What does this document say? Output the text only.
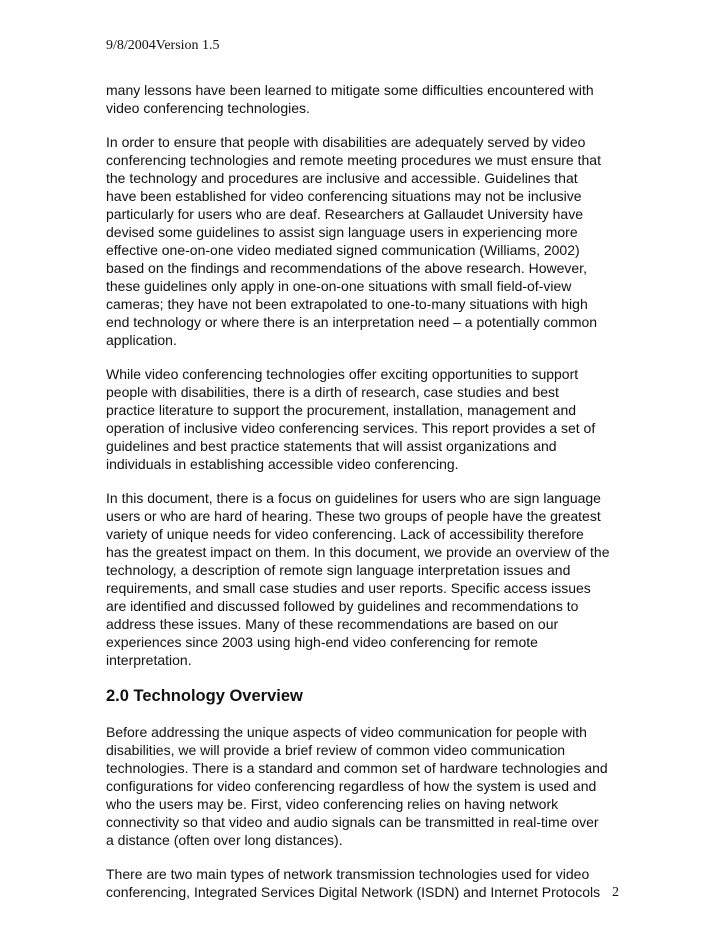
9/8/2004Version 1.5

many lessons have been learned to mitigate some difficulties encountered with
video conferencing technologies.

In order to ensure that people with disabilities are adequately served by video
conferencing technologies and remote meeting procedures we must ensure that
the technology and procedures are inclusive and accessible. Guidelines that
have been established for video conferencing situations may not be inclusive
particularly for users who are deaf. Researchers at Gallaudet University have
devised some guidelines to assist sign language users in experiencing more
effective one-on-one video mediated signed communication (Williams, 2002)
based on the findings and recommendations of the above research. However,
these guidelines only apply in one-on-one situations with small field-of-view
cameras; they have not been extrapolated to one-to-many situations with high
end technology or where there is an interpretation need – a potentially common
application.

While video conferencing technologies offer exciting opportunities to support
people with disabilities, there is a dirth of research, case studies and best
practice literature to support the procurement, installation, management and
operation of inclusive video conferencing services. This report provides a set of
guidelines and best practice statements that will assist organizations and
individuals in establishing accessible video conferencing.

In this document, there is a focus on guidelines for users who are sign language
users or who are hard of hearing. These two groups of people have the greatest
variety of unique needs for video conferencing. Lack of accessibility therefore
has the greatest impact on them. In this document, we provide an overview of the
technology, a description of remote sign language interpretation issues and
requirements, and small case studies and user reports. Specific access issues
are identified and discussed followed by guidelines and recommendations to
address these issues. Many of these recommendations are based on our
experiences since 2003 using high-end video conferencing for remote
interpretation.

2.0 Technology Overview

Before addressing the unique aspects of video communication for people with
disabilities, we will provide a brief review of common video communication
technologies. There is a standard and common set of hardware technologies and
configurations for video conferencing regardless of how the system is used and
who the users may be. First, video conferencing relies on having network
connectivity so that video and audio signals can be transmitted in real-time over
a distance (often over long distances).

There are two main types of network transmission technologies used for video
conferencing, Integrated Services Digital Network (ISDN) and Internet Protocols 2
